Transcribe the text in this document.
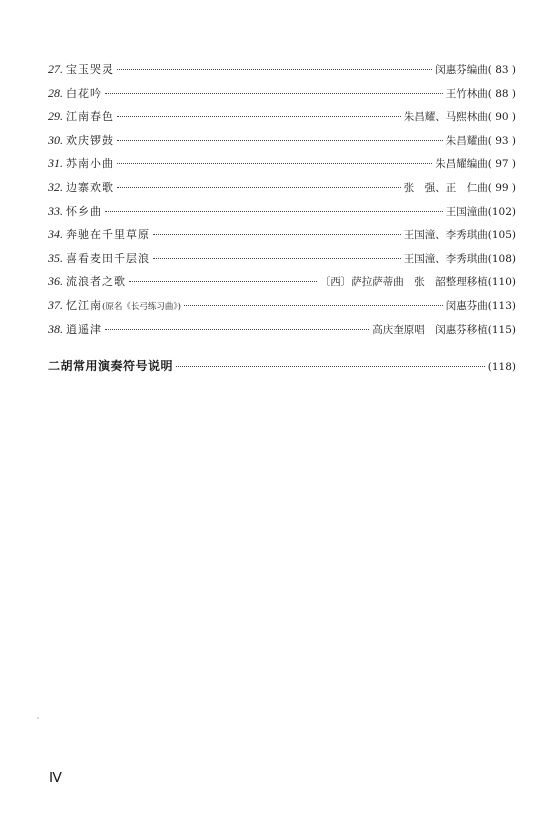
27. 宝玉哭灵	闵惠芬编曲 ( 83 )
28. 白花吟	王竹林曲 ( 88 )
29. 江南春色	朱昌耀、马熙林曲 ( 90 )
30. 欢庆锣鼓	朱昌耀曲 ( 93 )
31. 苏南小曲	朱昌耀编曲 ( 97 )
32. 边寨欢歌	张　强、正　仁曲 ( 99 )
33. 怀乡曲	王国潼曲 (102)
34. 奔驰在千里草原	王国潼、李秀琪曲 (105)
35. 喜看麦田千层浪	王国潼、李秀琪曲 (108)
36. 流浪者之歌	〔西〕萨拉萨蒂曲　张　韶整理移植 (110)
37. 忆江南 (原名《长弓练习曲》)	闵惠芬曲 (113)
38. 逍遥津	高庆奎原唱　闵惠芬移植 (115)
二胡常用演奏符号说明	(118)
Ⅳ
